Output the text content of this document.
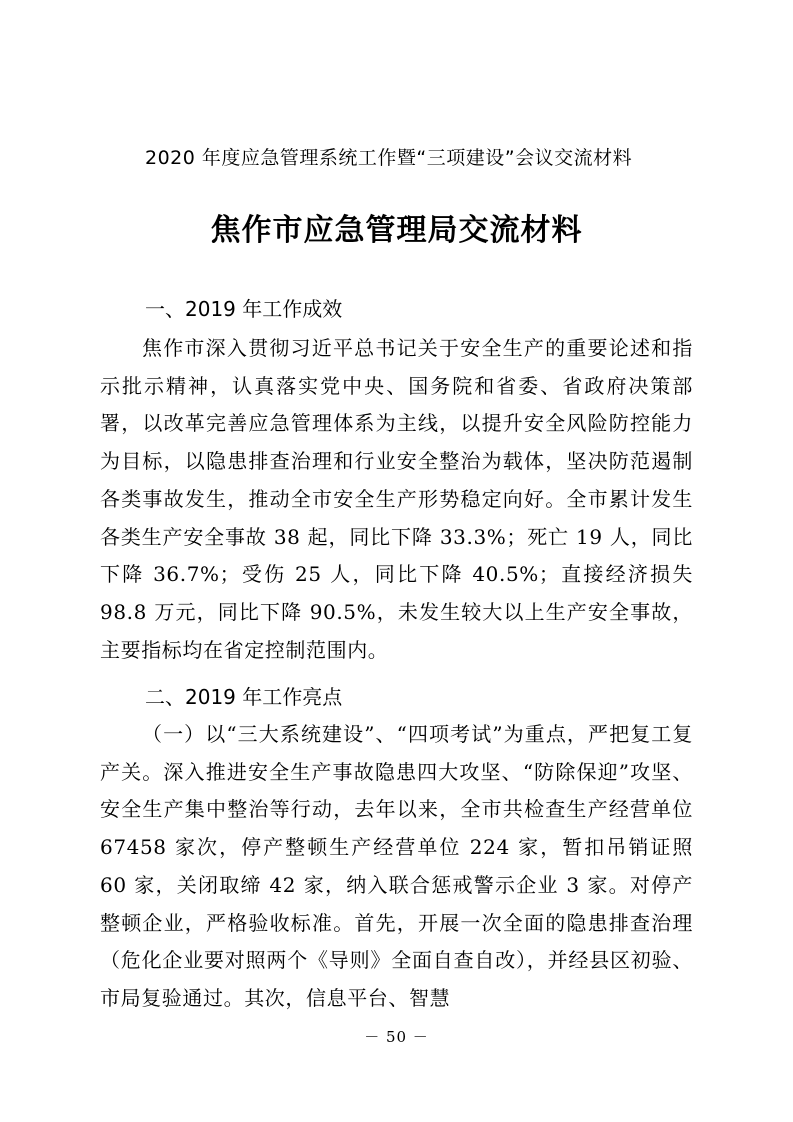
2020 年度应急管理系统工作暨“三项建设”会议交流材料
焦作市应急管理局交流材料
一、2019 年工作成效

焦作市深入贯彻习近平总书记关于安全生产的重要论述和指示批示精神，认真落实党中央、国务院和省委、省政府决策部署，以改革完善应急管理体系为主线，以提升安全风险防控能力为目标，以隐患排查治理和行业安全整治为载体，坚决防范遏制各类事故发生，推动全市安全生产形势稳定向好。全市累计发生各类生产安全事故 38 起，同比下降 33.3%；死亡 19 人，同比下降 36.7%；受伤 25 人，同比下降 40.5%；直接经济损失 98.8 万元，同比下降 90.5%，未发生较大以上生产安全事故，主要指标均在省定控制范围内。

二、2019 年工作亮点

（一）以“三大系统建设”、“四项考试”为重点，严把复工复产关。深入推进安全生产事故隐患四大攻坚、“防除保迎”攻坚、安全生产集中整治等行动，去年以来，全市共检查生产经营单位 67458 家次，停产整顿生产经营单位 224 家，暂扣吊销证照 60 家，关闭取缔 42 家，纳入联合惩戒警示企业 3 家。对停产整顿企业，严格验收标准。首先，开展一次全面的隐患排查治理（危化企业要对照两个《导则》全面自查自改），并经县区初验、市局复验通过。其次，信息平台、智慧

－ 50 －
